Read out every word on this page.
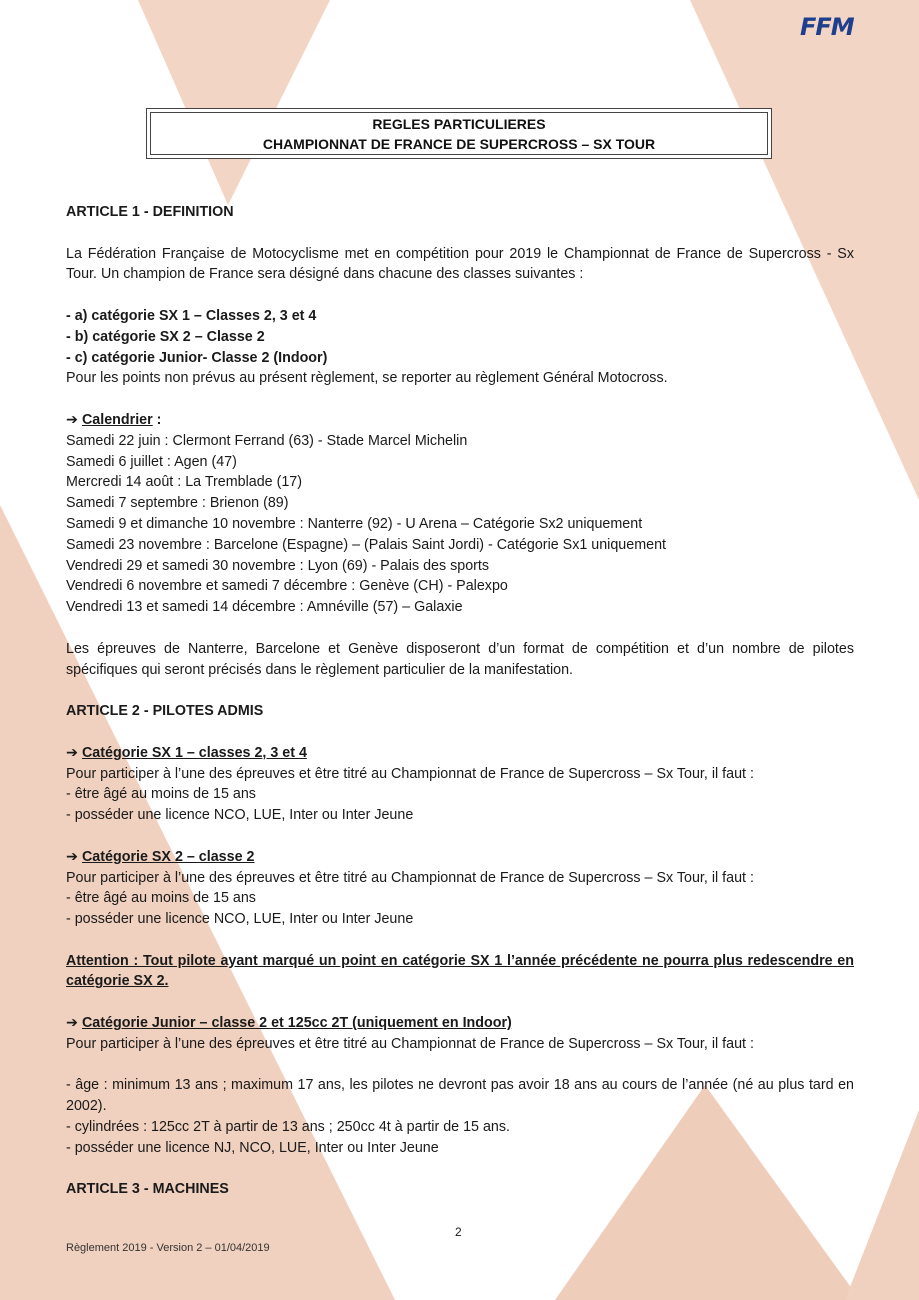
FFM
REGLES PARTICULIERES
CHAMPIONNAT DE FRANCE DE SUPERCROSS – SX TOUR

ARTICLE 1 - DEFINITION

La Fédération Française de Motocyclisme met en compétition pour 2019 le Championnat de France de Supercross - Sx Tour. Un champion de France sera désigné dans chacune des classes suivantes :

- a) catégorie SX 1 – Classes 2, 3 et 4

- b) catégorie SX 2 – Classe 2

- c) catégorie Junior- Classe 2 (Indoor)

Pour les points non prévus au présent règlement, se reporter au règlement Général Motocross.

➔ Calendrier :

Samedi 22 juin : Clermont Ferrand (63) - Stade Marcel Michelin

Samedi 6 juillet : Agen (47)

Mercredi 14 août : La Tremblade (17)

Samedi 7 septembre : Brienon (89)

Samedi 9 et dimanche 10 novembre : Nanterre (92) - U Arena – Catégorie Sx2 uniquement

Samedi 23 novembre : Barcelone (Espagne) – (Palais Saint Jordi) - Catégorie Sx1 uniquement

Vendredi 29 et samedi 30 novembre : Lyon (69) - Palais des sports

Vendredi 6 novembre et samedi 7 décembre : Genève (CH) - Palexpo

Vendredi 13 et samedi 14 décembre : Amnéville (57) – Galaxie

Les épreuves de Nanterre, Barcelone et Genève disposeront d’un format de compétition et d’un nombre de pilotes spécifiques qui seront précisés dans le règlement particulier de la manifestation.

ARTICLE 2 - PILOTES ADMIS

➔ Catégorie SX 1 – classes 2, 3 et 4

Pour participer à l’une des épreuves et être titré au Championnat de France de Supercross – Sx Tour, il faut :

- être âgé au moins de 15 ans

- posséder une licence NCO, LUE, Inter ou Inter Jeune

➔ Catégorie SX 2 – classe 2

Pour participer à l’une des épreuves et être titré au Championnat de France de Supercross – Sx Tour, il faut :

- être âgé au moins de 15 ans

- posséder une licence NCO, LUE, Inter ou Inter Jeune

Attention : Tout pilote ayant marqué un point en catégorie SX 1 l’année précédente ne pourra plus redescendre en catégorie SX 2.

➔ Catégorie Junior – classe 2 et 125cc 2T (uniquement en Indoor)

Pour participer à l’une des épreuves et être titré au Championnat de France de Supercross – Sx Tour, il faut :

- âge : minimum 13 ans ; maximum 17 ans, les pilotes ne devront pas avoir 18 ans au cours de l’année (né au plus tard en 2002).

- cylindrées : 125cc 2T à partir de 13 ans ; 250cc 4t à partir de 15 ans.

- posséder une licence NJ, NCO, LUE, Inter ou Inter Jeune

ARTICLE 3 - MACHINES

2
Règlement 2019 - Version 2 – 01/04/2019
